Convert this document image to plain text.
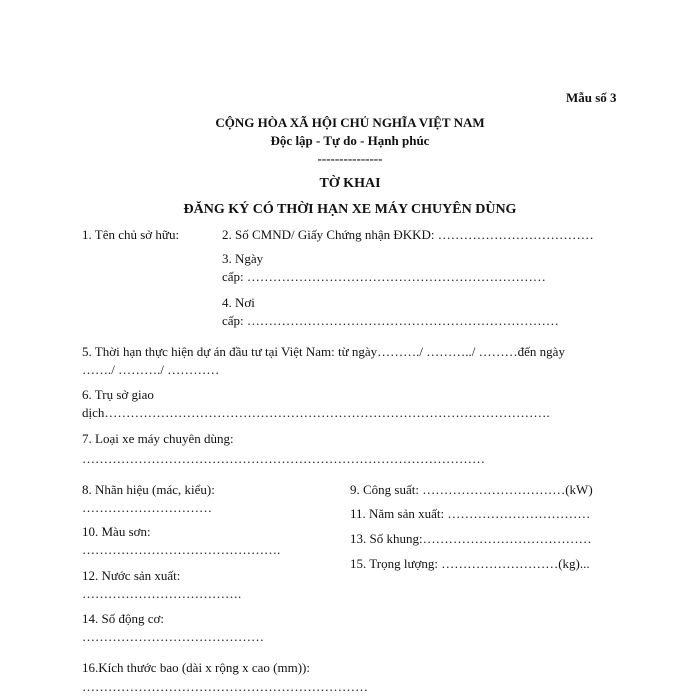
Mẫu số 3
CỘNG HÒA XÃ HỘI CHỦ NGHĨA VIỆT NAM
Độc lập - Tự do - Hạnh phúc
---------------
TỜ KHAI
ĐĂNG KÝ CÓ THỜI HẠN XE MÁY CHUYÊN DÙNG
1. Tên chủ sở hữu:	2. Số CMND/ Giấy Chứng nhận ĐKKD: ………………………………
3. Ngày
cấp: ……………………………………………………………
4. Nơi
cấp: ………………………………………………………………
5. Thời hạn thực hiện dự án đầu tư tại Việt Nam: từ ngày………./ ………../ ………đến ngày
……./ ………./ …………
6. Trụ sở giao
dịch………………………………………………………………………………………….
7. Loại xe máy chuyên dùng:
…………………………………………………………………………………
8. Nhãn hiệu (mác, kiểu):
…………………………
9. Công suất: ……………………………(kW)
11. Năm sản xuất: ……………………………
13. Số khung:…………………………………
15. Trọng lượng: ………………………(kg)...
10. Màu sơn:
……………………………………….
12. Nước sản xuất:
……………………………….
14. Số động cơ:
……………………………………
16.Kích thước bao (dài x rộng x cao (mm)):
…………………………………………………………
